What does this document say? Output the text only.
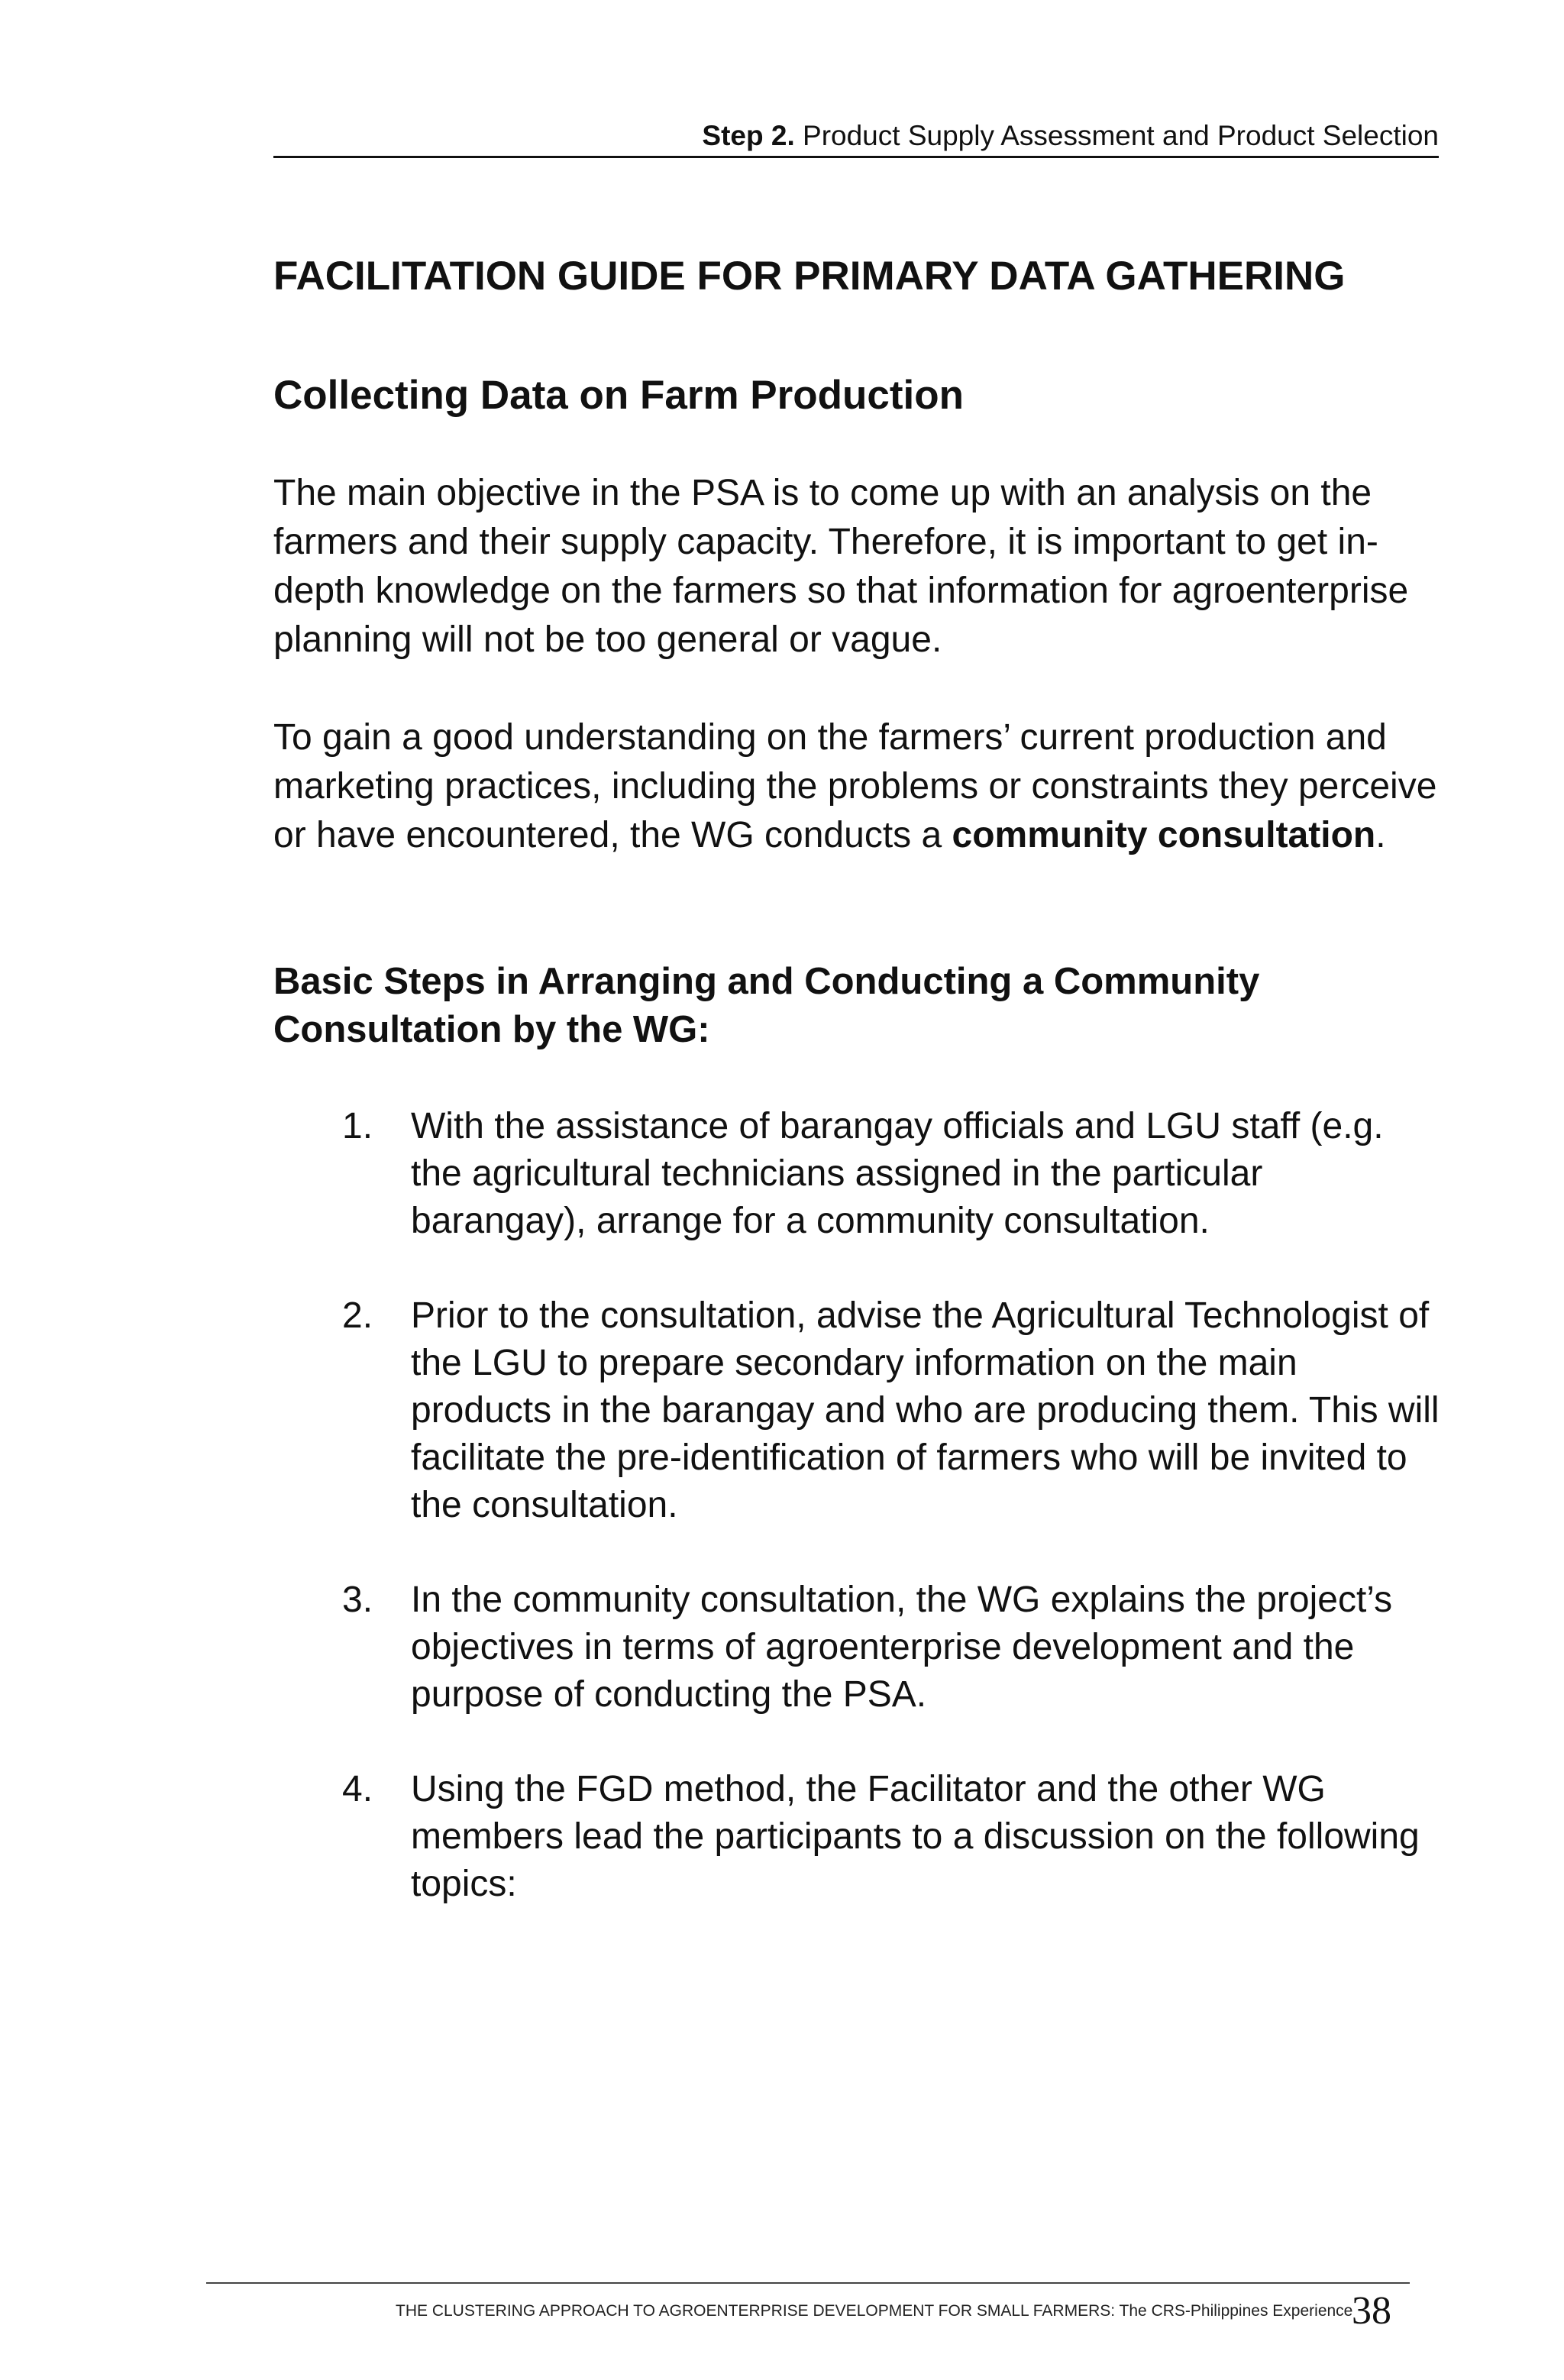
Step 2. Product Supply Assessment and Product Selection
FACILITATION GUIDE FOR PRIMARY DATA GATHERING
Collecting Data on Farm Production

The main objective in the PSA is to come up with an analysis on the farmers and their supply capacity. Therefore, it is important to get in-depth knowledge on the farmers so that information for agroenterprise planning will not be too general or vague.

To gain a good understanding on the farmers’ current production and marketing practices, including the problems or constraints they perceive or have encountered, the WG conducts a community consultation.

Basic Steps in Arranging and Conducting a Community Consultation by the WG:
1. With the assistance of barangay officials and LGU staff (e.g. the agricultural technicians assigned in the particular barangay), arrange for a community consultation.
2. Prior to the consultation, advise the Agricultural Technologist of the LGU to prepare secondary information on the main products in the barangay and who are producing them. This will facilitate the pre-identification of farmers who will be invited to the consultation.
3. In the community consultation, the WG explains the project’s objectives in terms of agroenterprise development and the purpose of conducting the PSA.
4. Using the FGD method, the Facilitator and the other WG members lead the participants to a discussion on the following topics:
THE CLUSTERING APPROACH TO AGROENTERPRISE DEVELOPMENT FOR SMALL FARMERS: The CRS-Philippines Experience
38
